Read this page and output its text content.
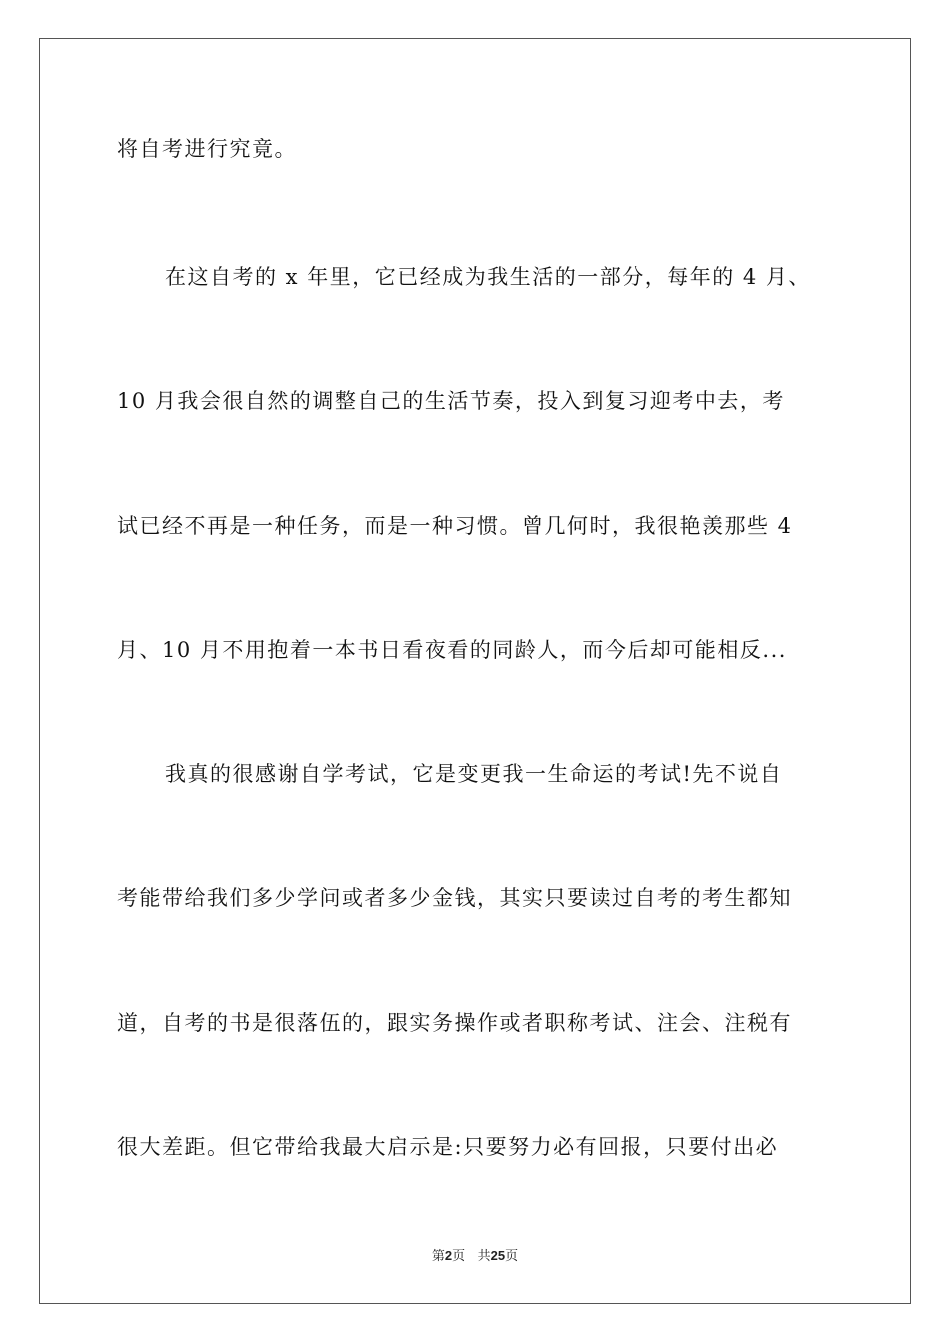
将自考进行究竟。
在这自考的 x 年里，它已经成为我生活的一部分，每年的 4 月、
10 月我会很自然的调整自己的生活节奏，投入到复习迎考中去，考
试已经不再是一种任务，而是一种习惯。曾几何时，我很艳羡那些 4
月、10 月不用抱着一本书日看夜看的同龄人，而今后却可能相反...
我真的很感谢自学考试，它是变更我一生命运的考试!先不说自
考能带给我们多少学问或者多少金钱，其实只要读过自考的考生都知
道，自考的书是很落伍的，跟实务操作或者职称考试、注会、注税有
很大差距。但它带给我最大启示是:只要努力必有回报，只要付出必
第2页 共25页
